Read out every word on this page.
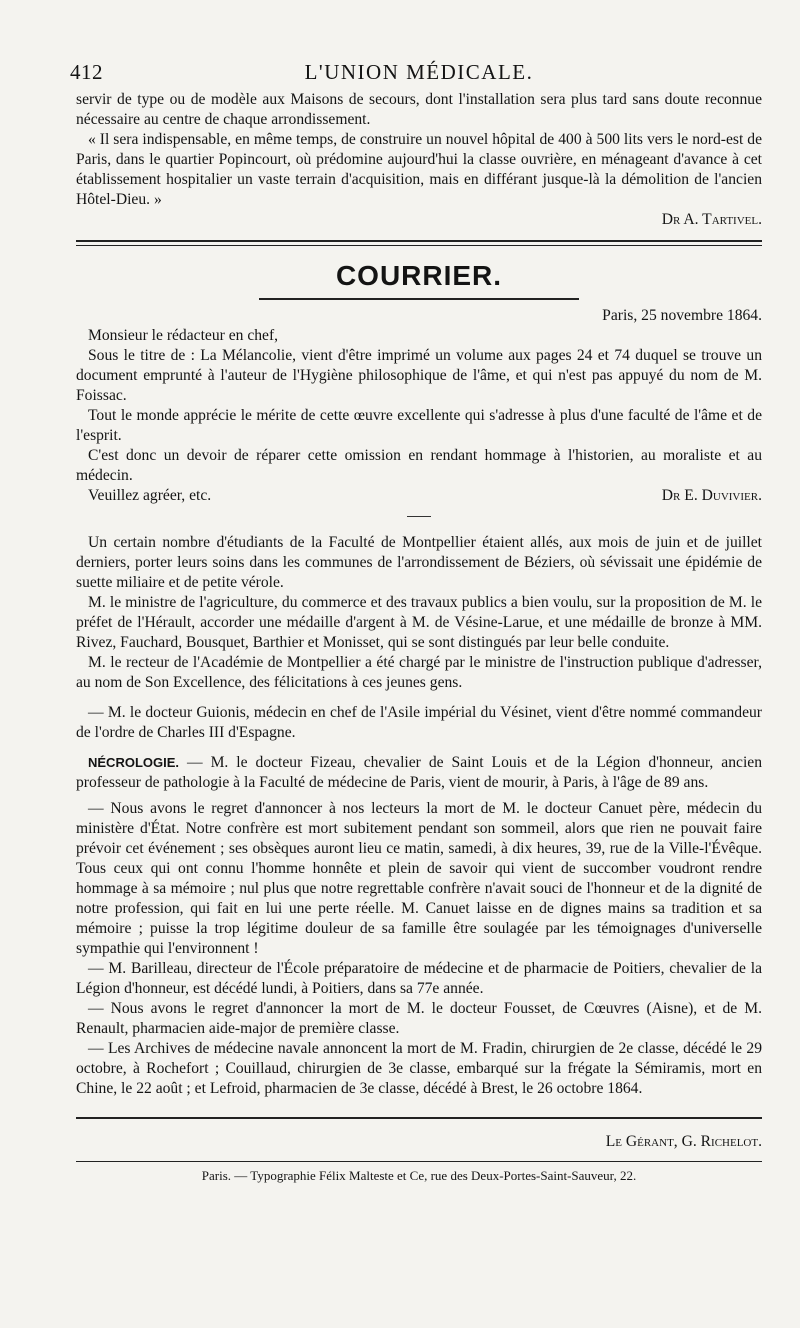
412	L'UNION MÉDICALE.

servir de type ou de modèle aux Maisons de secours, dont l'installation sera plus tard sans doute reconnue nécessaire au centre de chaque arrondissement.

« Il sera indispensable, en même temps, de construire un nouvel hôpital de 400 à 500 lits vers le nord-est de Paris, dans le quartier Popincourt, où prédomine aujourd'hui la classe ouvrière, en ménageant d'avance à cet établissement hospitalier un vaste terrain d'acquisition, mais en différant jusque-là la démolition de l'ancien Hôtel-Dieu. »

Dr A. Tartivel.

COURRIER.

Paris, 25 novembre 1864.

Monsieur le rédacteur en chef,

Sous le titre de : La Mélancolie, vient d'être imprimé un volume aux pages 24 et 74 duquel se trouve un document emprunté à l'auteur de l'Hygiène philosophique de l'âme, et qui n'est pas appuyé du nom de M. Foissac.

Tout le monde apprécie le mérite de cette œuvre excellente qui s'adresse à plus d'une faculté de l'âme et de l'esprit.

C'est donc un devoir de réparer cette omission en rendant hommage à l'historien, au moraliste et au médecin.

Veuillez agréer, etc.	Dr E. Duvivier.

Un certain nombre d'étudiants de la Faculté de Montpellier étaient allés, aux mois de juin et de juillet derniers, porter leurs soins dans les communes de l'arrondissement de Béziers, où sévissait une épidémie de suette miliaire et de petite vérole.

M. le ministre de l'agriculture, du commerce et des travaux publics a bien voulu, sur la proposition de M. le préfet de l'Hérault, accorder une médaille d'argent à M. de Vésine-Larue, et une médaille de bronze à MM. Rivez, Fauchard, Bousquet, Barthier et Monisset, qui se sont distingués par leur belle conduite.

M. le recteur de l'Académie de Montpellier a été chargé par le ministre de l'instruction publique d'adresser, au nom de Son Excellence, des félicitations à ces jeunes gens.

— M. le docteur Guionis, médecin en chef de l'Asile impérial du Vésinet, vient d'être nommé commandeur de l'ordre de Charles III d'Espagne.

NÉCROLOGIE. — M. le docteur Fizeau, chevalier de Saint Louis et de la Légion d'honneur, ancien professeur de pathologie à la Faculté de médecine de Paris, vient de mourir, à Paris, à l'âge de 89 ans.

— Nous avons le regret d'annoncer à nos lecteurs la mort de M. le docteur Canuet père, médecin du ministère d'État. Notre confrère est mort subitement pendant son sommeil, alors que rien ne pouvait faire prévoir cet événement ; ses obsèques auront lieu ce matin, samedi, à dix heures, 39, rue de la Ville-l'Évêque. Tous ceux qui ont connu l'homme honnête et plein de savoir qui vient de succomber voudront rendre hommage à sa mémoire ; nul plus que notre regrettable confrère n'avait souci de l'honneur et de la dignité de notre profession, qui fait en lui une perte réelle. M. Canuet laisse en de dignes mains sa tradition et sa mémoire ; puisse la trop légitime douleur de sa famille être soulagée par les témoignages d'universelle sympathie qui l'environnent !

— M. Barilleau, directeur de l'École préparatoire de médecine et de pharmacie de Poitiers, chevalier de la Légion d'honneur, est décédé lundi, à Poitiers, dans sa 77e année.

— Nous avons le regret d'annoncer la mort de M. le docteur Fousset, de Cœuvres (Aisne), et de M. Renault, pharmacien aide-major de première classe.

— Les Archives de médecine navale annoncent la mort de M. Fradin, chirurgien de 2e classe, décédé le 29 octobre, à Rochefort ; Couillaud, chirurgien de 3e classe, embarqué sur la frégate la Sémiramis, mort en Chine, le 22 août ; et Lefroid, pharmacien de 3e classe, décédé à Brest, le 26 octobre 1864.

Le Gérant, G. Richelot.

Paris. — Typographie Félix Malteste et Ce, rue des Deux-Portes-Saint-Sauveur, 22.
